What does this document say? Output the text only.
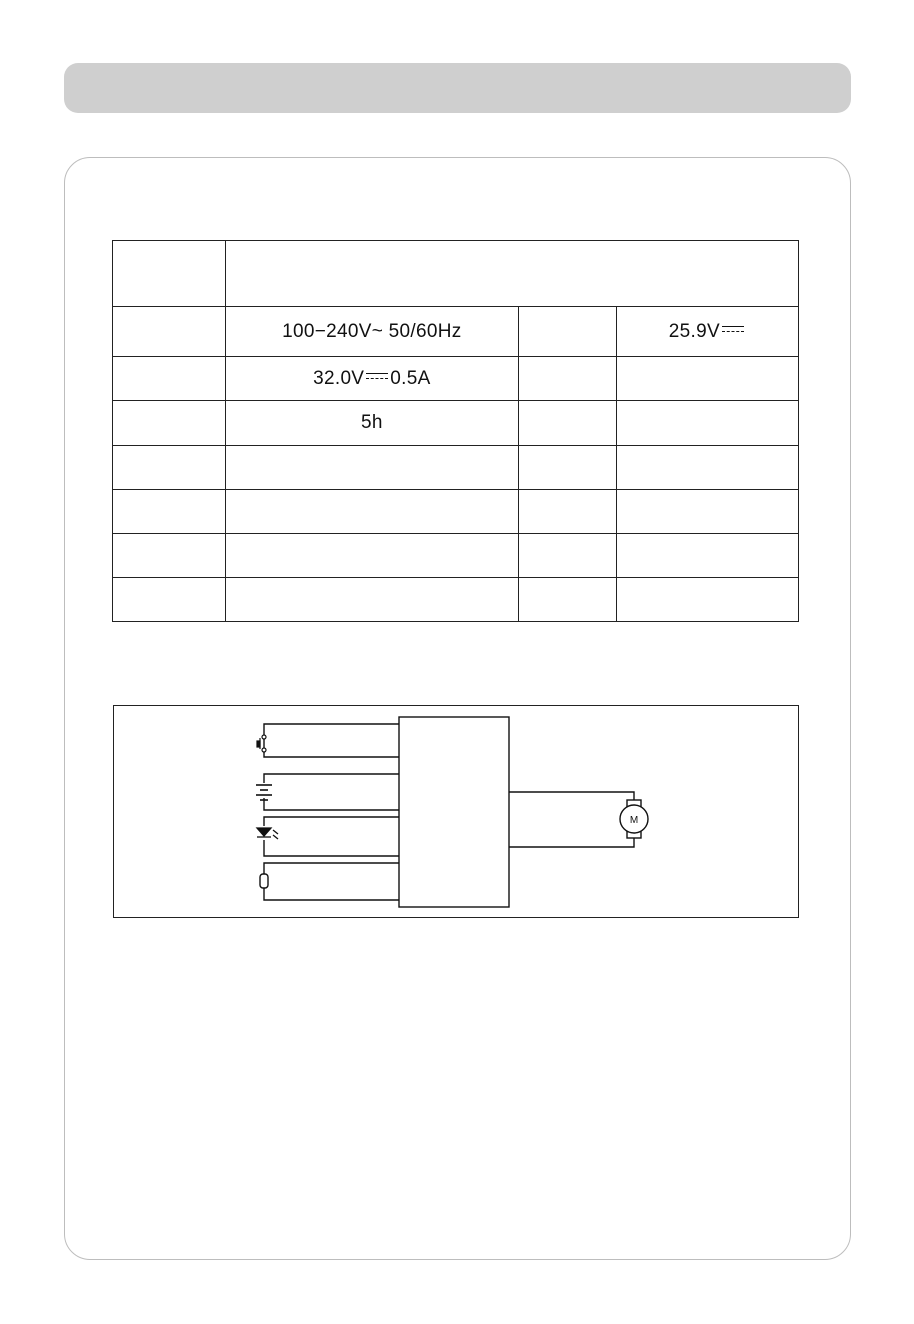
	100−240V~ 50/60Hz		25.9V
	32.0V 0.5A		
	5h		

M
